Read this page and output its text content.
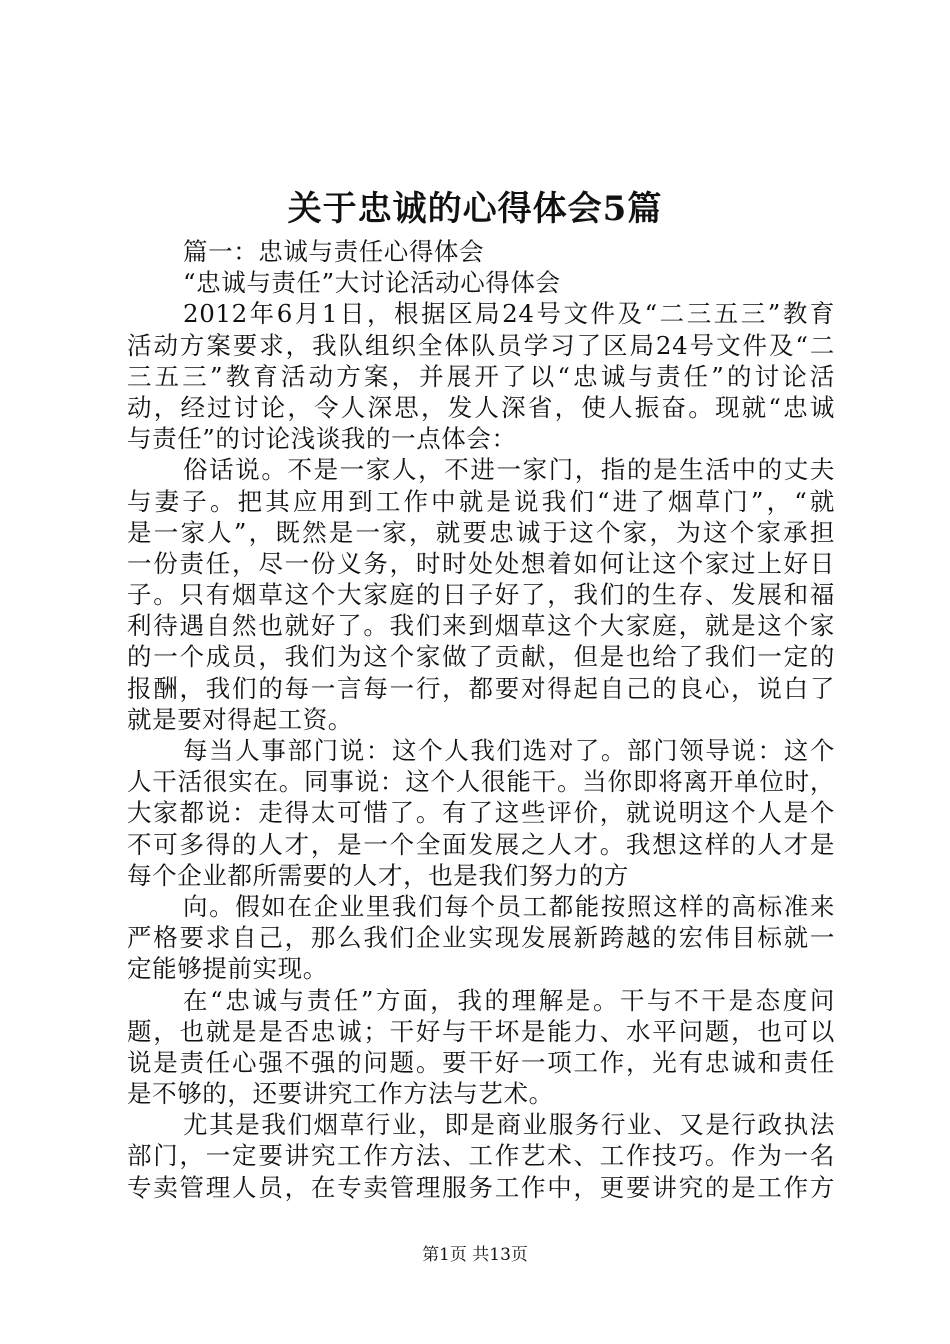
关于忠诚的心得体会5篇
篇一：忠诚与责任心得体会
“忠诚与责任”大讨论活动心得体会
2012年6月1日，根据区局24号文件及“二三五三”教育
活动方案要求，我队组织全体队员学习了区局24号文件及“二
三五三”教育活动方案，并展开了以“忠诚与责任”的讨论活
动，经过讨论，令人深思，发人深省，使人振奋。现就“忠诚
与责任”的讨论浅谈我的一点体会：
俗话说。不是一家人，不进一家门，指的是生活中的丈夫
与妻子。把其应用到工作中就是说我们“进了烟草门”，“就
是一家人”，既然是一家，就要忠诚于这个家，为这个家承担
一份责任，尽一份义务，时时处处想着如何让这个家过上好日
子。只有烟草这个大家庭的日子好了，我们的生存、发展和福
利待遇自然也就好了。我们来到烟草这个大家庭，就是这个家
的一个成员，我们为这个家做了贡献，但是也给了我们一定的
报酬，我们的每一言每一行，都要对得起自己的良心，说白了
就是要对得起工资。
每当人事部门说：这个人我们选对了。部门领导说：这个
人干活很实在。同事说：这个人很能干。当你即将离开单位时，
大家都说：走得太可惜了。有了这些评价，就说明这个人是个
不可多得的人才，是一个全面发展之人才。我想这样的人才是
每个企业都所需要的人才，也是我们努力的方
向。假如在企业里我们每个员工都能按照这样的高标准来
严格要求自己，那么我们企业实现发展新跨越的宏伟目标就一
定能够提前实现。
在“忠诚与责任”方面，我的理解是。干与不干是态度问
题，也就是是否忠诚；干好与干坏是能力、水平问题，也可以
说是责任心强不强的问题。要干好一项工作，光有忠诚和责任
是不够的，还要讲究工作方法与艺术。
尤其是我们烟草行业，即是商业服务行业、又是行政执法
部门，一定要讲究工作方法、工作艺术、工作技巧。作为一名
专卖管理人员，在专卖管理服务工作中，更要讲究的是工作方
第1页 共13页
